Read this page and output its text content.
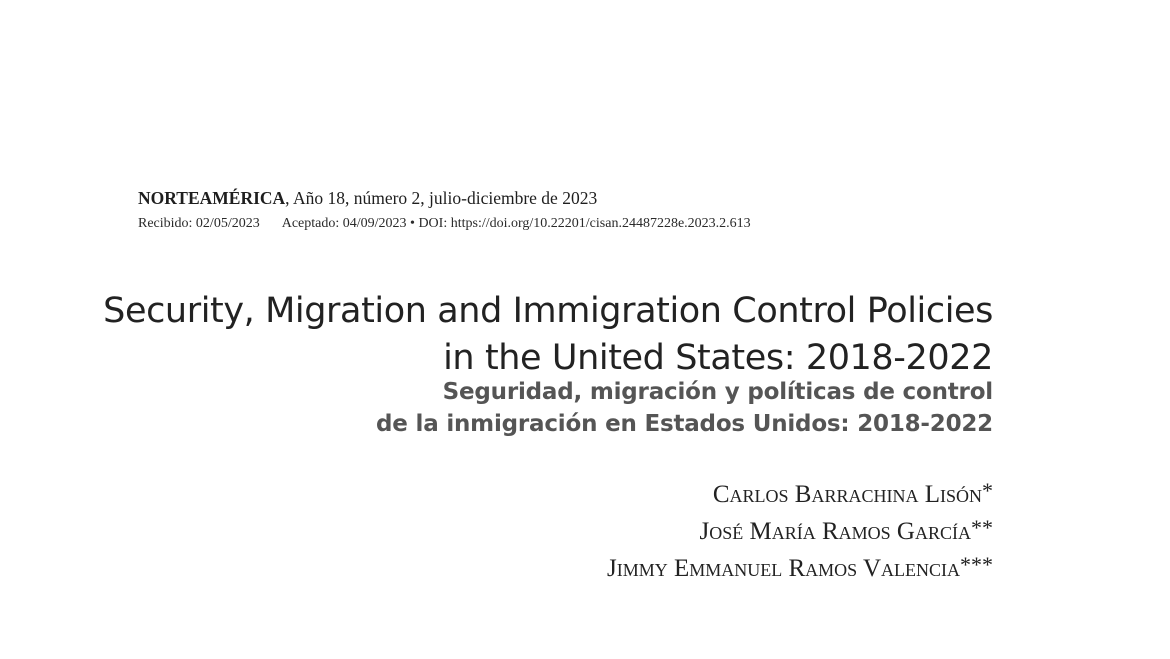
NORTEAMÉRICA, Año 18, número 2, julio-diciembre de 2023
Recibido: 02/05/2023 Aceptado: 04/09/2023 • DOI: https://doi.org/10.22201/cisan.24487228e.2023.2.613
Security, Migration and Immigration Control Policies
in the United States: 2018-2022
Seguridad, migración y políticas de control
de la inmigración en Estados Unidos: 2018-2022
Carlos Barrachina Lisón*
José María Ramos García**
Jimmy Emmanuel Ramos Valencia***
